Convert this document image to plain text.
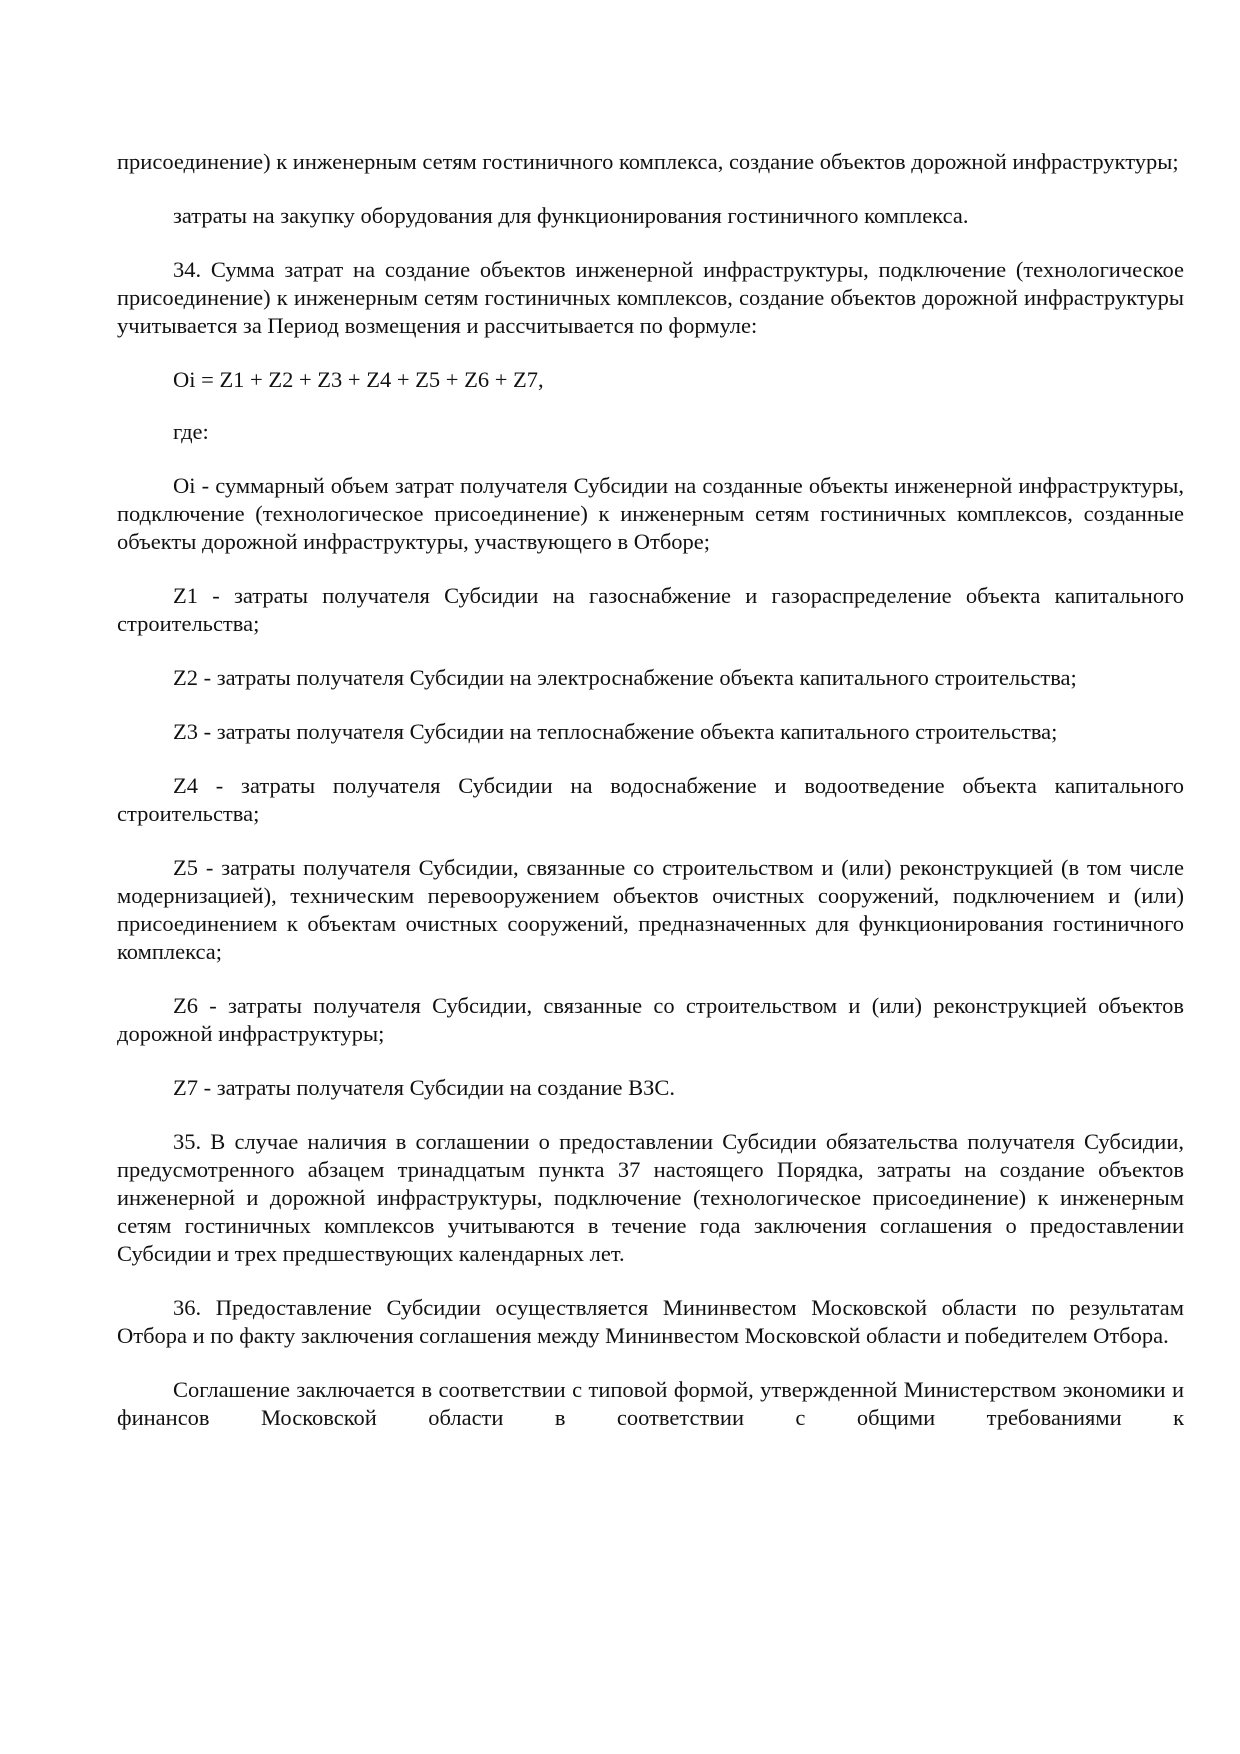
присоединение) к инженерным сетям гостиничного комплекса, создание объектов дорожной инфраструктуры;

затраты на закупку оборудования для функционирования гостиничного комплекса.

34. Сумма затрат на создание объектов инженерной инфраструктуры, подключение (технологическое присоединение) к инженерным сетям гостиничных комплексов, создание объектов дорожной инфраструктуры учитывается за Период возмещения и рассчитывается по формуле:

Oi = Z1 + Z2 + Z3 + Z4 + Z5 + Z6 + Z7,

где:

Oi - суммарный объем затрат получателя Субсидии на созданные объекты инженерной инфраструктуры, подключение (технологическое присоединение) к инженерным сетям гостиничных комплексов, созданные объекты дорожной инфраструктуры, участвующего в Отборе;

Z1 - затраты получателя Субсидии на газоснабжение и газораспределение объекта капитального строительства;

Z2 - затраты получателя Субсидии на электроснабжение объекта капитального строительства;

Z3 - затраты получателя Субсидии на теплоснабжение объекта капитального строительства;

Z4 - затраты получателя Субсидии на водоснабжение и водоотведение объекта капитального строительства;

Z5 - затраты получателя Субсидии, связанные со строительством и (или) реконструкцией (в том числе модернизацией), техническим перевооружением объектов очистных сооружений, подключением и (или) присоединением к объектам очистных сооружений, предназначенных для функционирования гостиничного комплекса;

Z6 - затраты получателя Субсидии, связанные со строительством и (или) реконструкцией объектов дорожной инфраструктуры;

Z7 - затраты получателя Субсидии на создание ВЗС.

35. В случае наличия в соглашении о предоставлении Субсидии обязательства получателя Субсидии, предусмотренного абзацем тринадцатым пункта 37 настоящего Порядка, затраты на создание объектов инженерной и дорожной инфраструктуры, подключение (технологическое присоединение) к инженерным сетям гостиничных комплексов учитываются в течение года заключения соглашения о предоставлении Субсидии и трех предшествующих календарных лет.

36. Предоставление Субсидии осуществляется Мининвестом Московской области по результатам Отбора и по факту заключения соглашения между Мининвестом Московской области и победителем Отбора.

Соглашение заключается в соответствии с типовой формой, утвержденной Министерством экономики и финансов Московской области в соответствии с общими требованиями к
